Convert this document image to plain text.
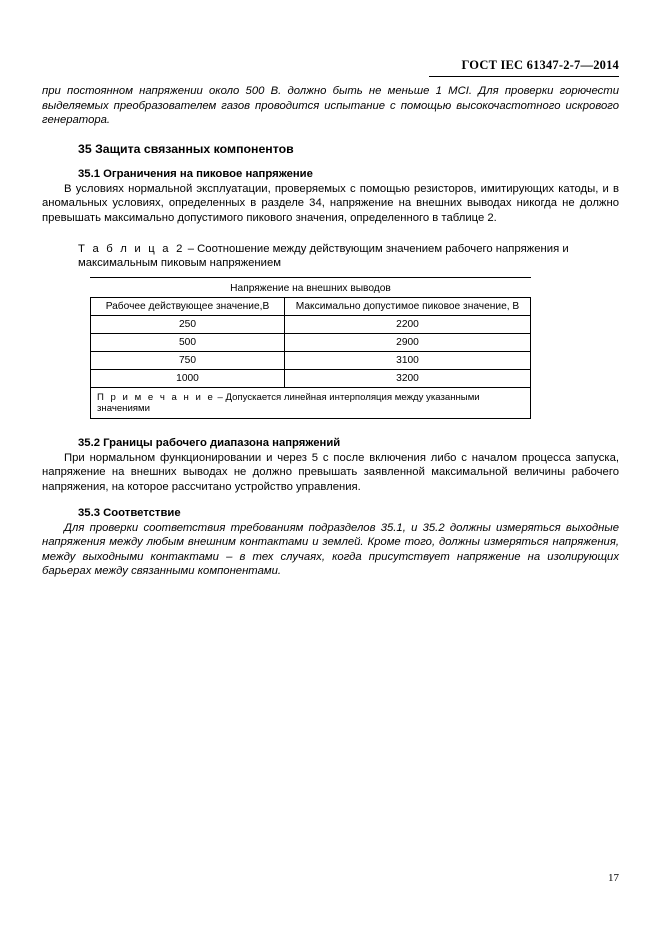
ГОСТ IEC 61347-2-7—2014

при постоянном напряжении около 500 В. должно быть не меньше 1 МСІ. Для проверки горючести выделяемых преобразователем газов проводится испытание с помощью высокочастотного искрового генератора.

35 Защита связанных компонентов
35.1 Ограничения на пиковое напряжение

В условиях нормальной эксплуатации, проверяемых с помощью резисторов, имитирующих катоды, и в аномальных условиях, определенных в разделе 34, напряжение на внешних выводах никогда не должно превышать максимально допустимого пикового значения, определенного в таблице 2.

Т а б л и ц а 2 – Соотношение между действующим значением рабочего напряжения и максимальным пиковым напряжением
Напряжение на внешних выводов	
Рабочее действующее значение,В	Максимально допустимое пиковое значение, В
250	2200
500	2900
750	3100
1000	3200
П р и м е ч а н и е – Допускается линейная интерполяция между указанными значениями	
35.2 Границы рабочего диапазона напряжений

При нормальном функционировании и через 5 с после включения либо с началом процесса запуска, напряжение на внешних выводах не должно превышать заявленной максимальной величины рабочего напряжения, на которое рассчитано устройство управления.

35.3 Соответствие

Для проверки соответствия требованиям подразделов 35.1, и 35.2 должны измеряться выходные напряжения между любым внешним контактами и землей. Кроме того, должны измеряться напряжения, между выходными контактами – в тех случаях, когда присутствует напряжение на изолирующих барьерах между связанными компонентами.

17
